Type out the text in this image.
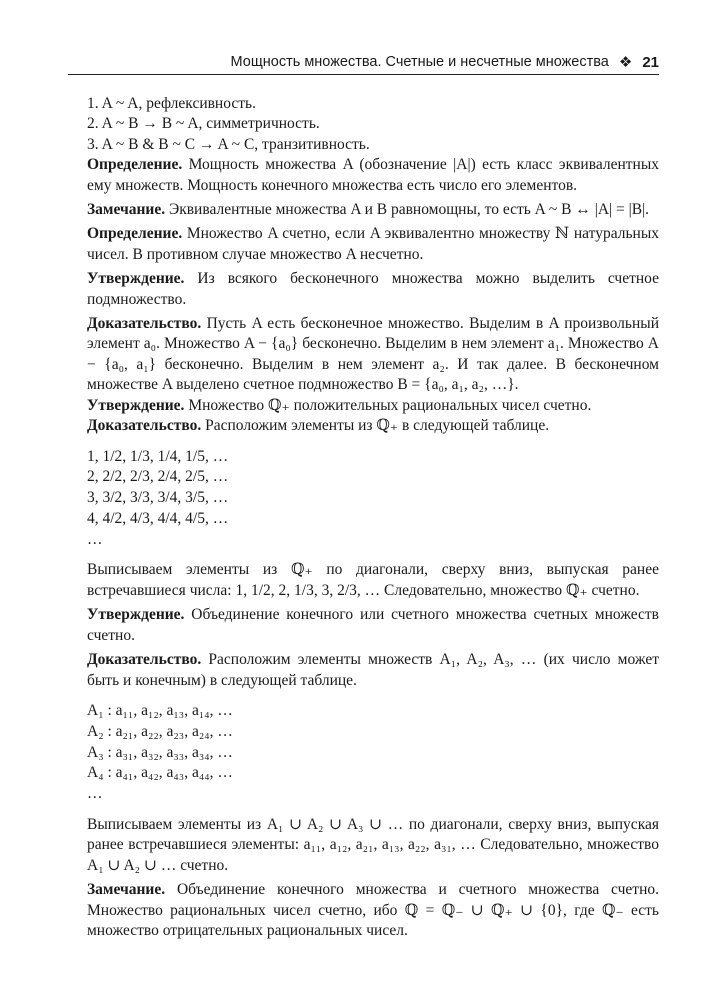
Мощность множества. Счетные и несчетные множества ❖ 21

1. A ~ A, рефлексивность.

2. A ~ B → B ~ A, симметричность.

3. A ~ B & B ~ C → A ~ C, транзитивность.

Определение. Мощность множества A (обозначение |A|) есть класс эквивалентных ему множеств. Мощность конечного множества есть число его элементов.

Замечание. Эквивалентные множества A и B равномощны, то есть A ~ B ↔ |A| = |B|.

Определение. Множество A счетно, если A эквивалентно множеству ℕ натуральных чисел. В противном случае множество A несчетно.

Утверждение. Из всякого бесконечного множества можно выделить счетное подмножество.

Доказательство. Пусть A есть бесконечное множество. Выделим в A произвольный элемент a₀. Множество A − {a₀} бесконечно. Выделим в нем элемент a₁. Множество A − {a₀, a₁} бесконечно. Выделим в нем элемент a₂. И так далее. В бесконечном множестве A выделено счетное подмножество B = {a₀, a₁, a₂, …}.

Утверждение. Множество ℚ₊ положительных рациональных чисел счетно.

Доказательство. Расположим элементы из ℚ₊ в следующей таблице.

1, 1/2, 1/3, 1/4, 1/5, …
2, 2/2, 2/3, 2/4, 2/5, …
3, 3/2, 3/3, 3/4, 3/5, …
4, 4/2, 4/3, 4/4, 4/5, …
…

Выписываем элементы из ℚ₊ по диагонали, сверху вниз, выпуская ранее встречавшиеся числа: 1, 1/2, 2, 1/3, 3, 2/3, … Следовательно, множество ℚ₊ счетно.

Утверждение. Объединение конечного или счетного множества счетных множеств счетно.

Доказательство. Расположим элементы множеств A₁, A₂, A₃, … (их число может быть и конечным) в следующей таблице.

A₁ : a₁₁, a₁₂, a₁₃, a₁₄, …
A₂ : a₂₁, a₂₂, a₂₃, a₂₄, …
A₃ : a₃₁, a₃₂, a₃₃, a₃₄, …
A₄ : a₄₁, a₄₂, a₄₃, a₄₄, …
…

Выписываем элементы из A₁ ∪ A₂ ∪ A₃ ∪ … по диагонали, сверху вниз, выпуская ранее встречавшиеся элементы: a₁₁, a₁₂, a₂₁, a₁₃, a₂₂, a₃₁, … Следовательно, множество A₁ ∪ A₂ ∪ … счетно.

Замечание. Объединение конечного множества и счетного множества счетно. Множество рациональных чисел счетно, ибо ℚ = ℚ₋ ∪ ℚ₊ ∪ {0}, где ℚ₋ есть множество отрицательных рациональных чисел.
